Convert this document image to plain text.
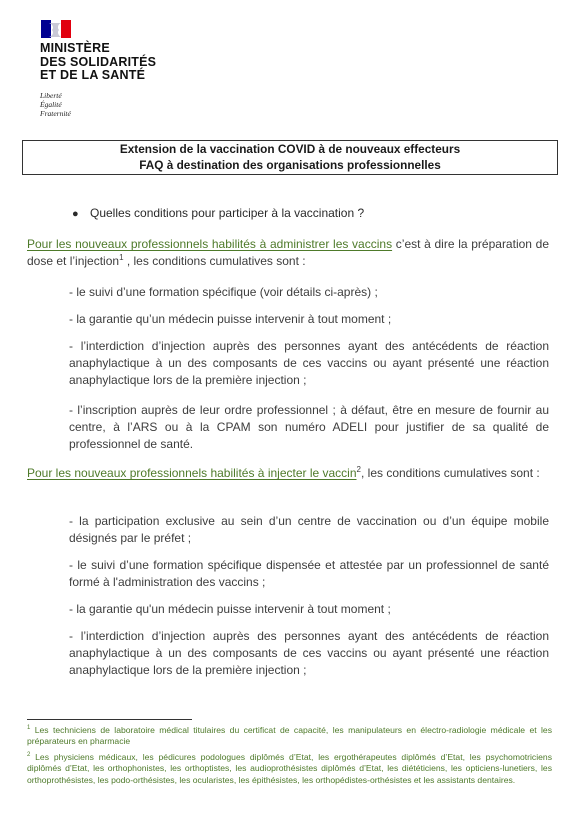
MINISTÈRE
DES SOLIDARITÉS
ET DE LA SANTÉ
Liberté
Égalité
Fraternité
Extension de la vaccination COVID à de nouveaux effecteurs
FAQ à destination des organisations professionnelles
● Quelles conditions pour participer à la vaccination ?
Pour les nouveaux professionnels habilités à administrer les vaccins c’est à dire la préparation de dose et l’injection$^1$ , les conditions cumulatives sont :
- le suivi d’une formation spécifique (voir détails ci-après) ;
- la garantie qu’un médecin puisse intervenir à tout moment ;
- l’interdiction d’injection auprès des personnes ayant des antécédents de réaction anaphylactique à un des composants de ces vaccins ou ayant présenté une réaction anaphylactique lors de la première injection ;
- l’inscription auprès de leur ordre professionnel ; à défaut, être en mesure de fournir au centre, à l’ARS ou à la CPAM son numéro ADELI pour justifier de sa qualité de professionnel de santé.
Pour les nouveaux professionnels habilités à injecter le vaccin$^2$, les conditions cumulatives sont :
- la participation exclusive au sein d’un centre de vaccination ou d’un équipe mobile désignés par le préfet ;
- le suivi d’une formation spécifique dispensée et attestée par un professionnel de santé formé à l'administration des vaccins ;
- la garantie qu'un médecin puisse intervenir à tout moment ;
- l’interdiction d’injection auprès des personnes ayant des antécédents de réaction anaphylactique à un des composants de ces vaccins ou ayant présenté une réaction anaphylactique lors de la première injection ;
$^1$ Les techniciens de laboratoire médical titulaires du certificat de capacité, les manipulateurs en électro-radiologie médicale et les préparateurs en pharmacie
$^2$ Les physiciens médicaux, les pédicures podologues diplômés d’Etat, les ergothérapeutes diplômés d’Etat, les psychomotriciens diplômés d’Etat, les orthophonistes, les orthoptistes, les audioprothésistes diplômés d’Etat, les diététiciens, les opticiens-lunetiers, les orthoprothésistes, les podo-orthésistes, les ocularistes, les épithésistes, les orthopédistes-orthésistes et les assistants dentaires.
